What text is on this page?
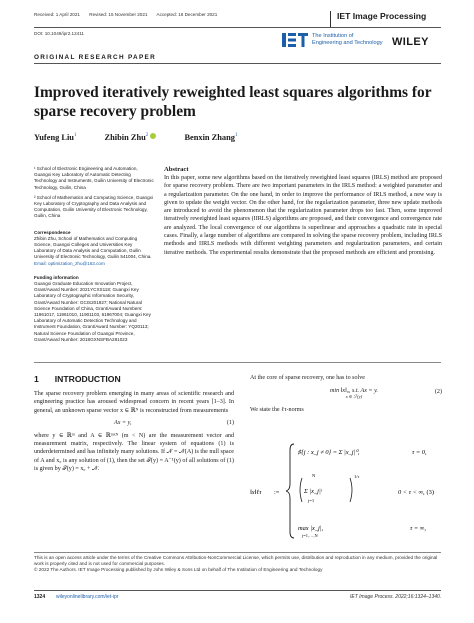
Received: 1 April 2021 Revised: 15 November 2021 Accepted: 16 December 2021	IET Image Processing
DOI: 10.1049/ipr2.12411	The Institution of
Engineering and Technology WILEY
ORIGINAL RESEARCH PAPER
Improved iteratively reweighted least squares algorithms for sparse recovery problem
Yufeng Liu$^1$	Zhibin Zhu$^2$	Benxin Zhang$^1$

¹ School of Electronic Engineering and Automation, Guangxi Key Laboratory of Automatic Detecting Technology and Instruments, Guilin University of Electronic Technology, Guilin, China

² School of Mathematics and Computing Science, Guangxi Key Laboratory of Cryptography and Data Analysis and Computation, Guilin University of Electronic Technology, Guilin, China

Correspondence

Zhibin Zhu, School of Mathematics and Computing Science, Guangxi Colleges and Universities Key Laboratory of Data Analysis and Computation, Guilin University of Electronic Technology, Guilin 541004, China.

Email: optimization_zhu@163.com

Funding information

Guangxi Graduate Education Innovation Project, Grant/Award Number: 2021YCXS118; Guangxi Key Laboratory of Cryptographic Information Security, Grant/Award Number: GCIS201927; National Natural Science Foundation of China, Grant/Award Numbers: 11961017, 11961010, 11901103, 61967004; Guangxi Key Laboratory of Automatic Detection Technology and Instrument Foundation, Grant/Award Number: YQ20113; Natural Science Foundation of Guangxi Province, Grant/Award Number: 2018GXNSFBA281023

Abstract
In this paper, some new algorithms based on the iteratively reweighted least squares (IRLS) method are proposed for sparse recovery problem. There are two important parameters in the IRLS method: a weighted parameter and a regularization parameter. On the one hand, in order to improve the performance of IRLS method, a new way is given to update the weight vector. On the other hand, for the regularization parameter, three new update methods are introduced to avoid the phenomenon that the regularization parameter drops too fast. Then, some improved iteratively reweighted least squares (IIRLS) algorithms are proposed, and their convergence and convergence rate are analyzed. The local convergence of our algorithms is superlinear and approaches a quadratic rate in special cases. Finally, a large number of algorithms are compared in solving the sparse recovery problem, including IRLS methods and IIRLS methods with different weighting parameters and regularization parameters, and certain iterative methods. The experimental results demonstrate that the proposed methods are efficient and promising.
1 INTRODUCTION

The sparse recovery problem emerging in many areas of scientific research and engineering practice has aroused widespread concern in recent years [1–3]. In general, an unknown sparse vector x ∈ ℝᴺ is reconstructed from measurements

Ax = y,	(1)

where y ∈ ℝᵐ and A ∈ ℝᵐˣᴺ (m < N) are the measurement vector and measurement matrix, respectively. The linear system of equations (1) is underdetermined and has infinitely many solutions. If 𝒩 = 𝒩(A) is the null space of A and x₀ is any solution of (1), then the set ℱ(y) = A⁻¹(y) of all solutions of (1) is given by ℱ(y) = x₀ + 𝒩.

At the core of sparse recovery, one has to solve

min ‖x‖₀, s.t. Ax = y.
x ∈ ℱ(y)
(2)

We state the ℓτ-norms

‖x‖ℓτ :=
♯{j : x_j ≠ 0} = Σ |x_j|⁰,	τ = 0,
N
Σ |x_j|ᵗ
j=1
1/τ
0 < τ < ∞, (3)
max |x_j|,
j=1,…,N
τ = ∞,

This is an open access article under the terms of the Creative Commons Attribution-NonCommercial License, which permits use, distribution and reproduction in any medium, provided the original work is properly cited and is not used for commercial purposes.

© 2022 The Authors. IET Image Processing published by John Wiley & Sons Ltd on behalf of The Institution of Engineering and Technology

1324 wileyonlinelibrary.com/iet-ipr	IET Image Process. 2022;16:1324–1340.
